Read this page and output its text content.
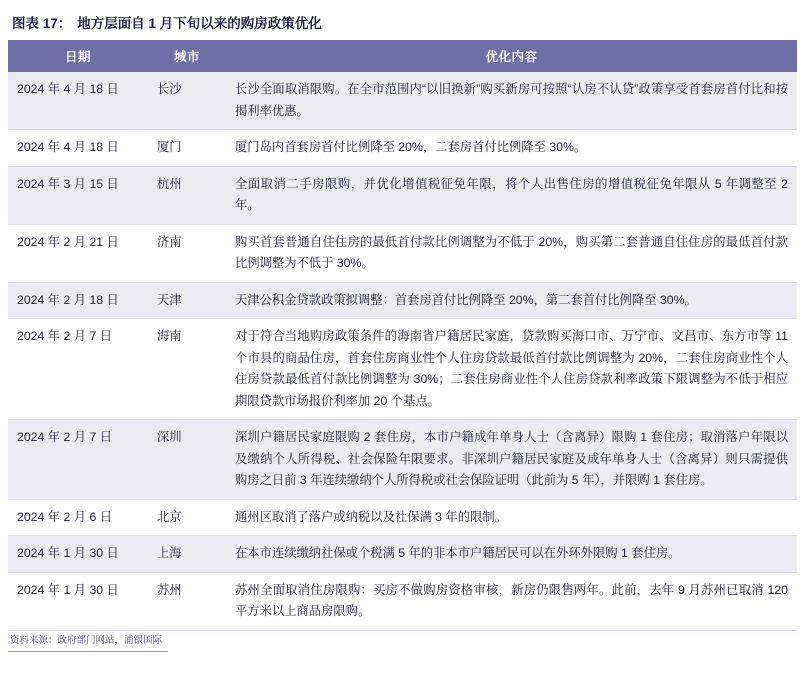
图表 17： 地方层面自 1 月下旬以来的购房政策优化
日期	城市	优化内容
2024 年 4 月 18 日	长沙	长沙全面取消限购。在全市范围内“以旧换新”购买新房可按照“认房不认贷”政策享受首套房首付比和按揭利率优惠。
2024 年 4 月 18 日	厦门	厦门岛内首套房首付比例降至 20%，二套房首付比例降至 30%。
2024 年 3 月 15 日	杭州	全面取消二手房限购，并优化增值税征免年限，将个人出售住房的增值税征免年限从 5 年调整至 2 年。
2024 年 2 月 21 日	济南	购买首套普通自住住房的最低首付款比例调整为不低于 20%，购买第二套普通自住住房的最低首付款比例调整为不低于 30%。
2024 年 2 月 18 日	天津	天津公积金贷款政策拟调整：首套房首付比例降至 20%，第二套首付比例降至 30%。
2024 年 2 月 7 日	海南	对于符合当地购房政策条件的海南省户籍居民家庭，贷款购买海口市、万宁市、文昌市、东方市等 11 个市县的商品住房，首套住房商业性个人住房贷款最低首付款比例调整为 20%，二套住房商业性个人住房贷款最低首付款比例调整为 30%；二套住房商业性个人住房贷款利率政策下限调整为不低于相应期限贷款市场报价利率加 20 个基点。
2024 年 2 月 7 日	深圳	深圳户籍居民家庭限购 2 套住房，本市户籍成年单身人士（含离异）限购 1 套住房；取消落户年限以及缴纳个人所得税、社会保险年限要求。非深圳户籍居民家庭及成年单身人士（含离异）则只需提供购房之日前 3 年连续缴纳个人所得税或社会保险证明（此前为 5 年），并限购 1 套住房。
2024 年 2 月 6 日	北京	通州区取消了落户或纳税以及社保满 3 年的限制。
2024 年 1 月 30 日	上海	在本市连续缴纳社保或个税满 5 年的非本市户籍居民可以在外环外限购 1 套住房。
2024 年 1 月 30 日	苏州	苏州全面取消住房限购：买房不做购房资格审核，新房仍限售两年。此前，去年 9 月苏州已取消 120 平方米以上商品房限购。
资料来源：政府部门网站，浦银国际
